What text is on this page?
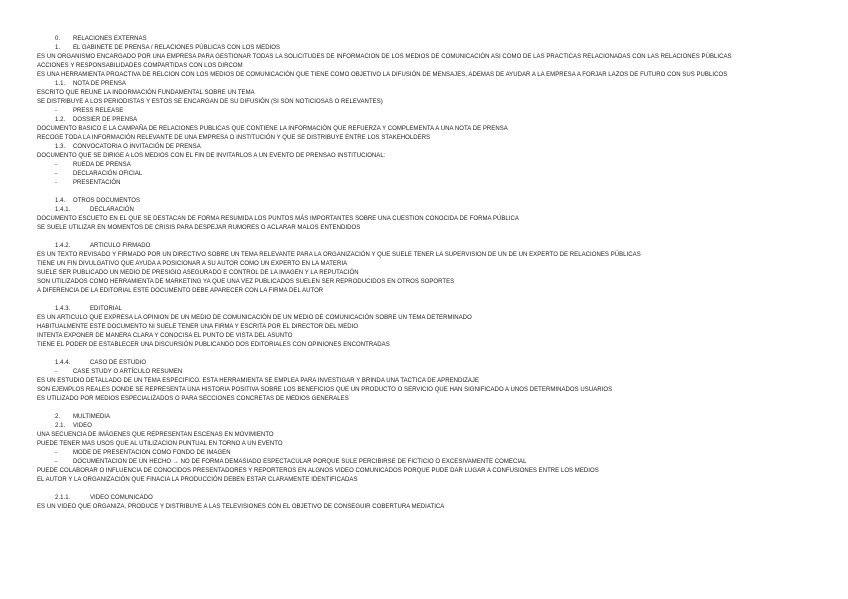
0. RELACIONES EXTERNAS
1. EL GABINETE DE PRENSA / RELACIONES PÚBLICAS CON LOS MEDIOS
ES UN ORGANISMO ENCARGADO POR UNA EMPRESA PARA GESTIONAR TODAS LA SOLICITUDES DE INFORMACION DE LOS MEDIOS DE COMUNICACIÓN ASI COMO DE LAS PRACTICAS RELACIONADAS CON LAS RELACIONES PÚBLICAS
ACCIONES Y RESPONSABILIDADES COMPARTIDAS CON LOS DIRCOM
ES UNA HERRAMIENTA PROACTIVA DE RELCION CON LOS MEDIOS DE COMUNICACIÓN QUE TIENE COMO OBJETIVO LA DIFUSIÓN DE MENSAJES, ADEMAS DE AYUDAR A LA EMPRESA A FORJAR LAZOS DE FUTURO CON SUS PUBLICOS
1.1. NOTA DE PRENSA
ESCRITO QUE REUNE LA INDORMACIÓN FUNDAMENTAL SOBRE UN TEMA
SE DISTRIBUYE A LOS PERIODISTAS Y ESTOS SE ENCARGAN DE SU DIFUSIÓN (SI SON NOTICIOSAS O RELEVANTES)
-	PRESS RELEASE
1.2. DOSSIER DE PRENSA
DOCUMENTO BASICO E LA CAMPAÑA DE RELACIONES PUBLICAS QUE CONTIENE LA INFORMACIÓN QUE REFUERZA Y COMPLEMENTA A UNA NOTA DE PRENSA
RECOGE TODA LA INFORMACIÓN RELEVANTE DE UNA EMPRESA O INSTITUCIÓN Y QUE SE DISTRIBUYE ENTRE LOS STAKEHOLDERS
1.3. CONVOCATORIA O INVITACIÓN DE PRENSA
DOCUMENTO QUE SE DIRIGE A LOS MEDIOS CON EL FIN DE INVITARLOS A UN EVENTO DE PRENSAO INSTITUCIONAL:
-	RUEDA DE PRENSA
-	DECLARACIÓN OFICIAL
-	PRESENTACIÓN
1.4. OTROS DOCUMENTOS
1.4.1.	DECLARACIÓN
DOCUMENTO ESCUETO EN EL QUE SE DESTACAN DE FORMA RESUMIDA LOS PUNTOS MÁS IMPORTANTES SOBRE UNA CUESTION CONOCIDA DE FORMA PÚBLICA
SE SUELE UTILIZAR EN MOMENTOS DE CRISIS PARA DESPEJAR RUMORES O ACLARAR MALOS ENTENDIDOS
1.4.2.	ARTICULO FIRMADO
ES UN TEXTO REVISADO Y FIRMADO POR UN DIRECTIVO SOBRE UN TEMA RELEVANTE PARA LA ORGANIZACIÓN Y QUE SUELE TENER LA SUPERVISION DE UN DE UN EXPERTO DE RELACIONES PÚBLICAS
TIENE UN FIN DIVULGATIVO QUE AYUDA A POSICIONAR A SU AUTOR COMO UN EXPERTO EN LA MATERIA
SUELE SER PUBLICADO UN MEDIO DE PRESIGIO ASEGURADO E CONTROL DE LA IMAGEN Y LA REPUTACIÓN
SON UTILIZADOS COMO HERRAMIENTA DE MARKETING YA QUE UNA VEZ PUBLICADOS SUELEN SER REPRODUCIDOS EN OTROS SOPORTES
A DIFERENCIA DE LA EDITORIAL ESTE DOCUMENTO DEBE APARECER CON LA FIRMA DEL AUTOR
1.4.3.	EDITORIAL
ES UN ARTICULO QUE EXPRESA LA OPINION DE UN MEDIO DE COMUNICACIÓN DE UN MEDIO DE COMUNICACIÓN SOBRE UN TEMA DETERMINADO
HABITUALMENTE ESTE DOCUMENTO NI SUELE TENER UNA FIRMA Y ESCRITA POR EL DIRECTOR DEL MEDIO
INTENTA EXPONER DE MANERA CLARA Y CONOCISA EL PUNTO DE VISTA DEL ASUNTO
TIENE EL PODER DE ESTABLECER UNA DISCURSIÓN PUBLICANDO DOS EDITORIALES CON OPINIONES ENCONTRADAS
1.4.4.	CASO DE ESTUDIO
-	CASE STUDY O ARTÍCULO RESUMEN
ES UN ESTUDIO DETALLADO DE UN TEMA ESPECIFICO. ESTA HERRAMIENTA SE EMPLEA PARA INVESTIGAR Y BRINDA UNA TACTICA DE APRENDIZAJE
SON EJEMPLOS REALES DONDE SE REPRESENTA UNA HISTORIA POSITIVA SOBRE LOS BENEFICIOS QUE UN PRODUCTO O SERVICIO QUE HAN SIGNIFICADO A UNOS DETERMINADOS USUARIOS
ES UTILIZADO POR MEDIOS ESPECIALIZADOS O PARA SECCIONES CONCRETAS DE MEDIOS GENERALES
2. MULTIMEDIA
2.1. VIDEO
UNA SECUENCIA DE IMÁGENES QUE REPRESENTAN ESCENAS EN MOVIMIENTO
PUEDE TENER MAS USOS QUE AL UTILIZACION PUNTUAL EN TORNO A UN EVENTO
-	MODE DE PRESENTACION COMO FONDO DE IMAGEN
-	DOCUMENTACION DE UN HECHO → NO DE FORMA DEMASIADO ESPECTACULAR PORQUE SULE PERCIBIRSE DE FICTICIO O EXCESIVAMENTE COMECIAL
PUEDE COLABORAR O INFLUENCIA DE CONOCIDOS PRESENTADORES Y REPORTEROS EN ALGNOS VIDEO COMUNICADOS PORQUE PUDE DAR LUGAR A CONFUSIONES ENTRE LOS MEDIOS
EL AUTOR Y LA ORGANIZACIÓN QUE FINACIA LA PRODUCCIÓN DEBEN ESTAR CLARAMENTE IDENTIFICADAS
2.1.1.	VIDEO COMUNICADO
ES UN VIDEO QUE ORGANIZA, PRODUCE Y DISTRIBUYE A LAS TELEVISIONES CON EL OBJETIVO DE CONSEGUIR COBERTURA MEDIATICA
